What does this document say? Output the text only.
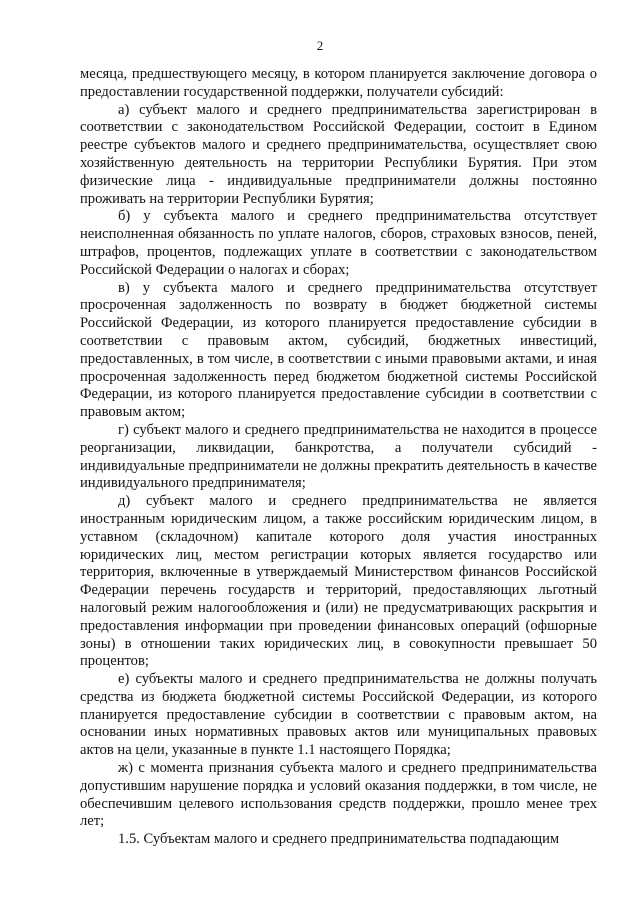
2

месяца, предшествующего месяцу, в котором планируется заключение договора о предоставлении государственной поддержки, получатели субсидий:

а) субъект малого и среднего предпринимательства зарегистрирован в соответствии с законодательством Российской Федерации, состоит в Едином реестре субъектов малого и среднего предпринимательства, осуществляет свою хозяйственную деятельность на территории Республики Бурятия. При этом физические лица - индивидуальные предприниматели должны постоянно проживать на территории Республики Бурятия;

б) у субъекта малого и среднего предпринимательства отсутствует неисполненная обязанность по уплате налогов, сборов, страховых взносов, пеней, штрафов, процентов, подлежащих уплате в соответствии с законодательством Российской Федерации о налогах и сборах;

в) у субъекта малого и среднего предпринимательства отсутствует просроченная задолженность по возврату в бюджет бюджетной системы Российской Федерации, из которого планируется предоставление субсидии в соответствии с правовым актом, субсидий, бюджетных инвестиций, предоставленных, в том числе, в соответствии с иными правовыми актами, и иная просроченная задолженность перед бюджетом бюджетной системы Российской Федерации, из которого планируется предоставление субсидии в соответствии с правовым актом;

г) субъект малого и среднего предпринимательства не находится в процессе реорганизации, ликвидации, банкротства, а получатели субсидий - индивидуальные предприниматели не должны прекратить деятельность в качестве индивидуального предпринимателя;

д) субъект малого и среднего предпринимательства не является иностранным юридическим лицом, а также российским юридическим лицом, в уставном (складочном) капитале которого доля участия иностранных юридических лиц, местом регистрации которых является государство или территория, включенные в утверждаемый Министерством финансов Российской Федерации перечень государств и территорий, предоставляющих льготный налоговый режим налогообложения и (или) не предусматривающих раскрытия и предоставления информации при проведении финансовых операций (офшорные зоны) в отношении таких юридических лиц, в совокупности превышает 50 процентов;

е) субъекты малого и среднего предпринимательства не должны получать средства из бюджета бюджетной системы Российской Федерации, из которого планируется предоставление субсидии в соответствии с правовым актом, на основании иных нормативных правовых актов или муниципальных правовых актов на цели, указанные в пункте 1.1 настоящего Порядка;

ж) с момента признания субъекта малого и среднего предпринимательства допустившим нарушение порядка и условий оказания поддержки, в том числе, не обеспечившим целевого использования средств поддержки, прошло менее трех лет;

1.5. Субъектам малого и среднего предпринимательства подпадающим
